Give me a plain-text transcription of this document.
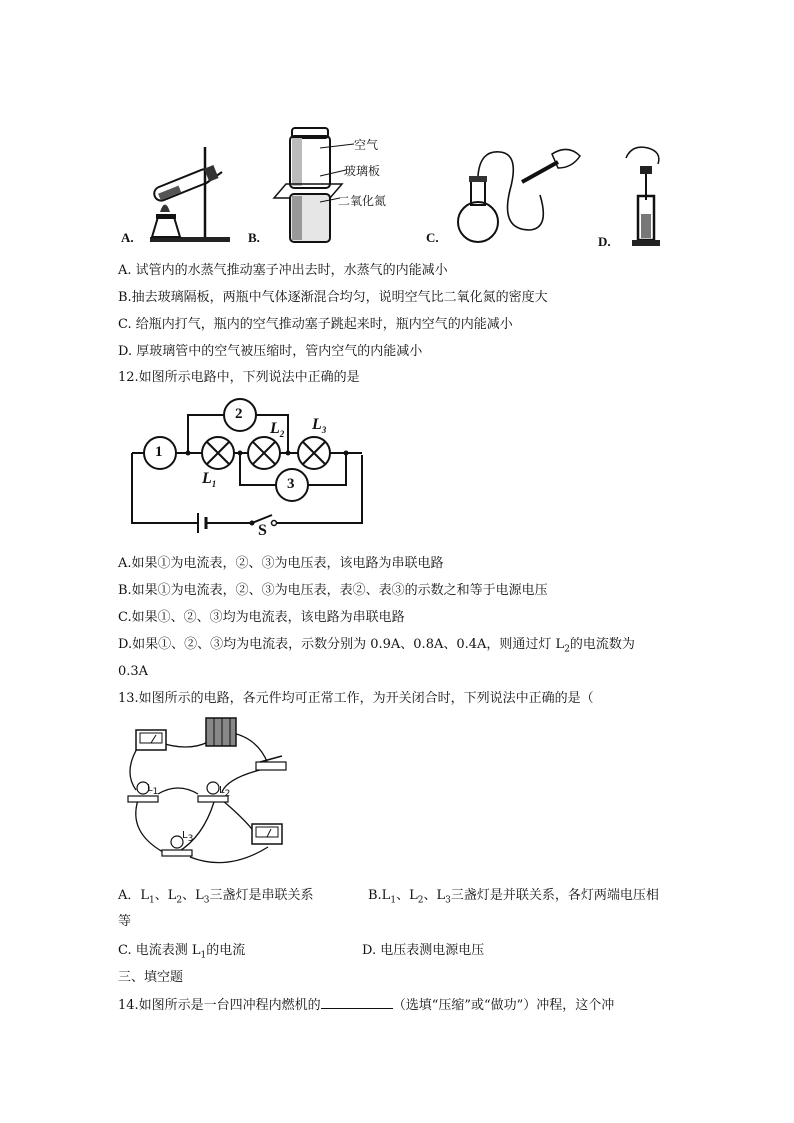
A.
空气
玻璃板
二氧化氮
B.	C.	D.
A. 试管内的水蒸气推动塞子冲出去时，水蒸气的内能减小
B.抽去玻璃隔板，两瓶中气体逐渐混合均匀，说明空气比二氧化氮的密度大
C. 给瓶内打气，瓶内的空气推动塞子跳起来时，瓶内空气的内能减小
D. 厚玻璃管中的空气被压缩时，管内空气的内能减小
12.如图所示电路中，下列说法中正确的是
1
2
3
$L_1$
$L_2$
$L_3$
S
A.如果①为电流表，②、③为电压表，该电路为串联电路
B.如果①为电流表，②、③为电压表，表②、表③的示数之和等于电源电压
C.如果①、②、③均为电流表，该电路为串联电路
D.如果①、②、③均为电流表，示数分别为 0.9A、0.8A、0.4A，则通过灯 $L_2$的电流数为
0.3A
13.如图所示的电路，各元件均可正常工作，为开关闭合时，下列说法中正确的是（
$L_1$	$L_2$
$L_3$
A．$L_1$、$L_2$、$L_3$三盏灯是串联关系	$B.L_1$、$L_2$、$L_3$三盏灯是并联关系，各灯两端电压相
等
C. 电流表测 $L_1$的电流	D. 电压表测电源电压
三、填空题
14.如图所示是一台四冲程内燃机的	（选填“压缩”或“做功”）冲程，这个冲
